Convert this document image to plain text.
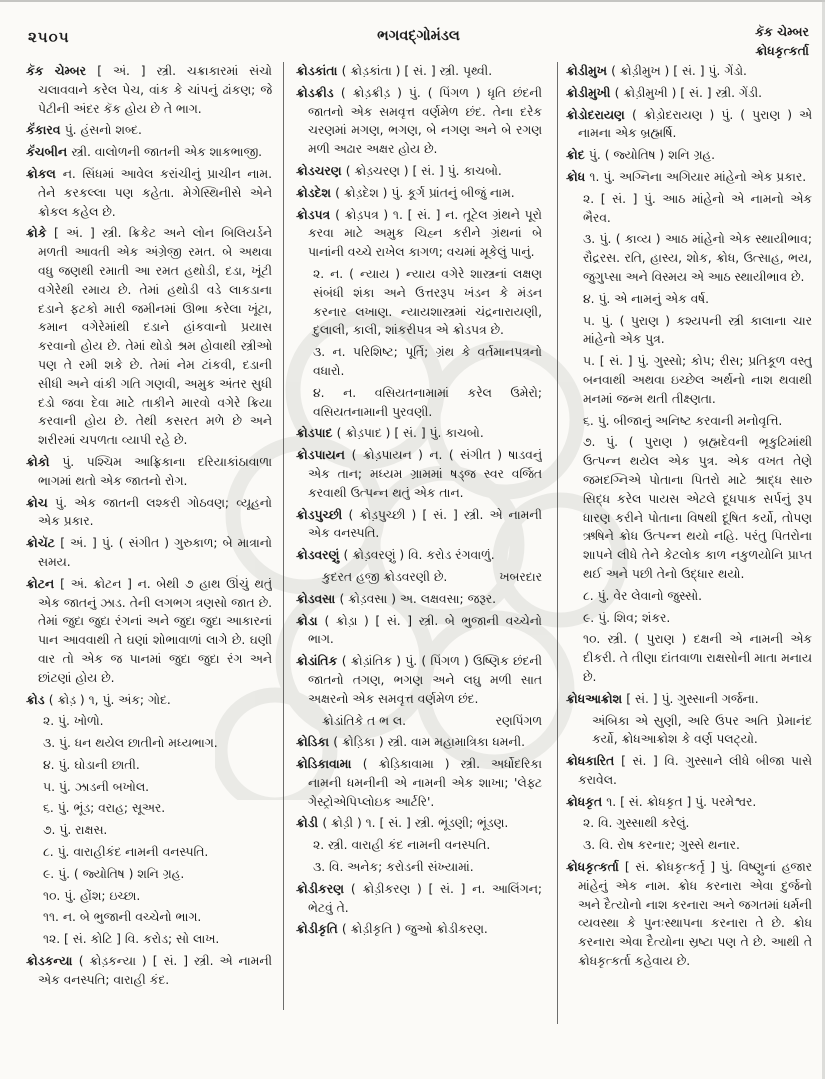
૨૫૦૫	ભગવદ્ગોમંડલ	કૅક ચેમ્બર
ક્રોધકૃત્કર્તા

કૅક ચેમ્બર [ અં. ] સ્ત્રી. ચક્રાકારમાં સંચો ચલાવવાને કરેલ પેચ, વાંક કે ચાંપનું ઢાંકણ; જે પેટીની અંદર કૅક હોય છે તે ભાગ.

કૅંકારવ પું. હંસનો શબ્દ.

કૅંચબીન સ્ત્રી. વાલોળની જાતની એક શાકભાજી.

ક્રોકલ ન. સિંધમાં આવેલ કરાંચીનું પ્રાચીન નામ. તેને કરકલ્લા પણ કહેતા. મેગેસ્થિનીસે એને ક્રોકલ કહેલ છે.

ક્રોકે [ અં. ] સ્ત્રી. ક્રિકેટ અને લોન બિલિયર્ડને મળતી આવતી એક અંગ્રેજી રમત. બે અથવા વધુ જણથી રમાતી આ રમત હથોડી, દડા, ખૂંટી વગેરેથી રમાય છે. તેમાં હથોડી વડે લાકડાના દડાને ફટકો મારી જમીનમાં ઊભા કરેલા ખૂંટા, કમાન વગેરેમાંથી દડાને હાંકવાનો પ્રયાસ કરવાનો હોય છે. તેમાં થોડો શ્રમ હોવાથી સ્ત્રીઓ પણ તે રમી શકે છે. તેમાં નેમ ટાંકવી, દડાની સીધી અને વાંકી ગતિ ગણવી, અમુક અંતર સુધી દડો જવા દેવા માટે તાકીને મારવો વગેરે ક્રિયા કરવાની હોય છે. તેથી કસરત મળે છે અને શરીરમાં ચપળતા વ્યાપી રહે છે.

ક્રોકો પું. પશ્ચિમ આફ્રિકાના દરિયાકાંઠાવાળા ભાગમાં થતો એક જાતનો રોગ.

ક્રોચ પું. એક જાતની લશ્કરી ગોઠવણ; વ્યૂહનો એક પ્રકાર.

ક્રોચૅટ [ અં. ] પું. ( સંગીત ) ગુરુકાળ; બે માત્રાનો સમય.

ક્રોટન [ અં. ક્રોટન ] ન. બેથી ૭ હાથ ઊંચું થતું એક જાતનું ઝાડ. તેની લગભગ ત્રણસો જાત છે. તેમાં જુદા જુદા રંગનાં અને જુદા જુદા આકારનાં પાન આવવાથી તે ઘણાં શોભાવાળાં લાગે છે. ઘણી વાર તો એક જ પાનમાં જુદા જુદા રંગ અને છાંટણાં હોય છે.

ક્રોડ ( ક્રોડ઼ ) ૧, પું. અંક; ગોદ.

૨. પું. ખોળો.

૩. પું. ધન થયેલ છાતીનો મધ્યભાગ.

૪. પું. ઘોડાની છાતી.

૫. પું. ઝાડની બખોલ.

૬. પું. ભૂંડ; વરાહ; સૂઅર.

૭. પું. રાક્ષસ.

૮. પું. વારાહીકંદ નામની વનસ્પતિ.

૯. પું. ( જ્યોતિષ ) શનિ ગ્રહ.

૧૦. પું. હોંશ; ઇચ્છા.

૧૧. ન. બે ભુજાની વચ્ચેનો ભાગ.

૧૨. [ સં. કોટિ ] વિ. કરોડ; સો લાખ.

ક્રોડકન્યા ( ક્રોડ઼કન્યા ) [ સં. ] સ્ત્રી. એ નામની એક વનસ્પતિ; વારાહી કંદ.

ક્રોડકાંતા ( ક્રોડ઼કાંતા ) [ સં. ] સ્ત્રી. પૃથ્વી.

ક્રોડક્રીડ ( ક્રોડ઼ક્રીડ઼ ) પું. ( પિંગળ ) ધૃતિ છંદની જાતનો એક સમવૃત્ત વર્ણમેળ છંદ. તેના દરેક ચરણમાં મગણ, ભગણ, બે નગણ અને બે રગણ મળી અઢાર અક્ષર હોય છે.

ક્રોડચરણ ( ક્રોડ઼ચરણ ) [ સં. ] પું. કાચબો.

ક્રોડદેશ ( ક્રોડ઼દેશ ) પું. કૂર્ગ પ્રાંતનું બીજું નામ.

ક્રોડપત્ર ( ક્રોડ઼પત્ર ) ૧. [ સં. ] ન. તૂટેલ ગ્રંથને પૂરો કરવા માટે અમુક ચિહ્ન કરીને ગ્રંથનાં બે પાનાંની વચ્ચે રાખેલ કાગળ; વચમાં મૂકેલું પાનું.

૨. ન. ( ન્યાય ) ન્યાય વગેરે શાસ્ત્રનાં લક્ષણ સંબંધી શંકા અને ઉત્તરરૂપ ખંડન કે મંડન કરનાર લખાણ. ન્યાયશાસ્ત્રમાં ચંદ્રનારાયણી, દુલાલી, કાલી, શાંકરીપત્ર એ ક્રોડપત્ર છે.

૩. ન. પરિશિષ્ટ; પૂર્તિ; ગ્રંથ કે વર્તમાનપત્રનો વધારો.

૪. ન. વસિયતનામામાં કરેલ ઉમેરો; વસિયતનામાની પુરવણી.

ક્રોડપાદ ( ક્રોડ઼પાદ ) [ સં. ] પું. કાચબો.

ક્રોડપાયન ( ક્રોડ઼પાયન ) ન. ( સંગીત ) ષાડવનું એક તાન; મધ્યમ ગ્રામમાં ષડ્જ સ્વર વર્જિત કરવાથી ઉત્પન્ન થતું એક તાન.

ક્રોડપુચ્છી ( ક્રોડ઼પુચ્છી ) [ સં. ] સ્ત્રી. એ નામની એક વનસ્પતિ.

ક્રોડવરણું ( ક્રોડ઼વરણું ) વિ. કરોડ રંગવાળું.

ખબરદાર
કુદરત હજી ક્રોડવરણી છે.

ક્રોડવસા ( ક્રોડ઼વસા ) અ. લક્ષવસા; જરૂર.

ક્રોડા ( ક્રોડ઼ા ) [ સં. ] સ્ત્રી. બે ભુજાની વચ્ચેનો ભાગ.

ક્રોડાંતિક ( ક્રોડ઼ાંતિક ) પું. ( પિંગળ ) ઉષ્ણિક છંદની જાતનો તગણ, ભગણ અને લઘુ મળી સાત અક્ષરનો એક સમવૃત્ત વર્ણમેળ છંદ.

રણપિંગળ
ક્રોડાંતિકે ત ભ લ.

ક્રોડિકા ( ક્રોડ઼િકા ) સ્ત્રી. વામ મહામાત્રિકા ધમની.

ક્રોડિકાવામા ( ક્રોડ઼િકાવામા ) સ્ત્રી. અર્ધોદરિકા નામની ધમનીની એ નામની એક શાખા; 'લેફ્ટ ગેસ્ટ્રોએપિપ્લોઇક આર્ટરિ'.

ક્રોડી ( ક્રોડ઼ી ) ૧. [ સં. ] સ્ત્રી. ભૂંડણી; ભૂંડણ.

૨. સ્ત્રી. વારાહી કંદ નામની વનસ્પતિ.

૩. વિ. અનેક; કરોડની સંખ્યામાં.

ક્રોડીકરણ ( ક્રોડ઼ીકરણ ) [ સં. ] ન. આલિંગન; ભેટવું તે.

ક્રોડીકૃતિ ( ક્રોડ઼ીકૃતિ ) જુઓ ક્રોડીકરણ.

ક્રોડીમુખ ( ક્રોડ઼ીમુખ ) [ સં. ] પું. ગેંડો.

ક્રોડીમુખી ( ક્રોડ઼ીમુખી ) [ સં. ] સ્ત્રી. ગેંડી.

ક્રોડોદરાયણ ( ક્રોડ઼ોદરાયણ ) પું. ( પુરાણ ) એ નામના એક બ્રહ્મર્ષિ.

ક્રોદ પું. ( જ્યોતિષ ) શનિ ગ્રહ.

ક્રોધ ૧. પું. અગ્નિના અગિયાર માંહેનો એક પ્રકાર.

૨. [ સં. ] પું. આઠ માંહેનો એ નામનો એક ભૈરવ.

૩. પું. ( કાવ્ય ) આઠ માંહેનો એક સ્થાયીભાવ; રૌદ્રરસ. રતિ, હાસ્ય, શોક, ક્રોધ, ઉત્સાહ, ભય, જુગુપ્સા અને વિસ્મય એ આઠ સ્થાયીભાવ છે.

૪. પું. એ નામનું એક વર્ષ.

૫. પું. ( પુરાણ ) કશ્યપની સ્ત્રી કાલાના ચાર માંહેનો એક પુત્ર.

૫. [ સં. ] પું. ગુસ્સો; કોપ; રીસ; પ્રતિકૂળ વસ્તુ બનવાથી અથવા ઇચ્છેલ અર્થનો નાશ થવાથી મનમાં જન્મ થતી તીક્ષ્ણતા.

૬. પું. બીજાનું અનિષ્ટ કરવાની મનોવૃત્તિ.

૭. પું. ( પુરાણ ) બ્રહ્મદેવની ભૃકુટિમાંથી ઉત્પન્ન થયેલ એક પુત્ર. એક વખત તેણે જમદગ્નિએ પોતાના પિતરો માટે શ્રાદ્ધ સારુ સિદ્ધ કરેલ પાયસ એટલે દૂધપાક સર્પનું રૂપ ધારણ કરીને પોતાના વિષથી દૂષિત કર્યો, તોપણ ઋષિને ક્રોધ ઉત્પન્ન થયો નહિ. પરંતુ પિતરોના શાપને લીધે તેને કેટલોક કાળ નકુળયોનિ પ્રાપ્ત થઈ અને પછી તેનો ઉદ્ધાર થયો.

૮. પું. વેર લેવાનો જુસ્સો.

૯. પું. શિવ; શંકર.

૧૦. સ્ત્રી. ( પુરાણ ) દક્ષની એ નામની એક દીકરી. તે તીણા દાંતવાળા રાક્ષસોની માતા મનાય છે.

ક્રોધઆક્રોશ [ સં. ] પું. ગુસ્સાની ગર્જના.

પ્રેમાનંદ
અંબિકા એ સુણી, અરિ ઉપર અતિ કર્યો, ક્રોધઆક્રોશ કે વર્ણ પલટ્યો.

ક્રોધકારિત [ સં. ] વિ. ગુસ્સાને લીધે બીજા પાસે કરાવેલ.

ક્રોધકૃત ૧. [ સં. ક્રોધકૃત ] પું. પરમેશ્વર.

૨. વિ. ગુસ્સાથી કરેલું.

૩. વિ. રોષ કરનાર; ગુસ્સે થનાર.

ક્રોધકૃત્કર્તા [ સં. ક્રોધકૃત્કર્તૃ ] પું. વિષ્ણુનાં હજાર માંહેનું એક નામ. ક્રોધ કરનારા એવા દુર્જનો અને દૈત્યોનો નાશ કરનારા અને જગતમાં ધર્મની વ્યવસ્થા કે પુનઃસ્થાપના કરનારા તે છે. ક્રોધ કરનારા એવા દૈત્યોના સ્રષ્ટા પણ તે છે. આથી તે ક્રોધકૃત્કર્તા કહેવાય છે.
